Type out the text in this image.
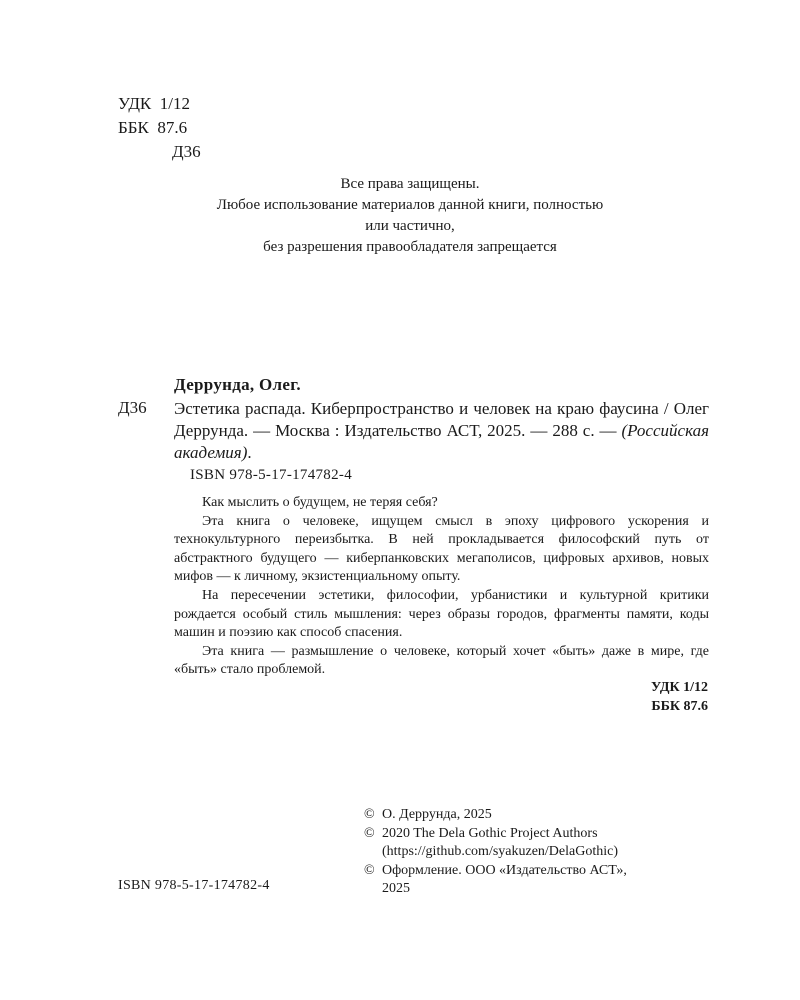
УДК 1/12
ББК 87.6
Д36
Все права защищены.
Любое использование материалов данной книги, полностью
или частично,
без разрешения правообладателя запрещается
Деррунда, Олег.
Д36 Эстетика распада. Киберпространство и человек на краю фаусина / Олег Деррунда. — Москва : Издательство АСТ, 2025. — 288 с. — (Российская академия).
ISBN 978-5-17-174782-4

Как мыслить о будущем, не теряя себя?

Эта книга о человеке, ищущем смысл в эпоху цифрового ускорения и технокультурного переизбытка. В ней прокладывается философский путь от абстрактного будущего — киберпанковских мегаполисов, цифровых архивов, новых мифов — к личному, экзистенциальному опыту.

На пересечении эстетики, философии, урбанистики и культурной критики рождается особый стиль мышления: через образы городов, фрагменты памяти, коды машин и поэзию как способ спасения.

Эта книга — размышление о человеке, который хочет «быть» даже в мире, где «быть» стало проблемой.

УДК 1/12
ББК 87.6
© О. Деррунда, 2025
© 2020 The Dela Gothic Project Authors
(https://github.com/syakuzen/DelaGothic)
© Оформление. ООО «Издательство АСТ»,
2025
ISBN 978-5-17-174782-4
